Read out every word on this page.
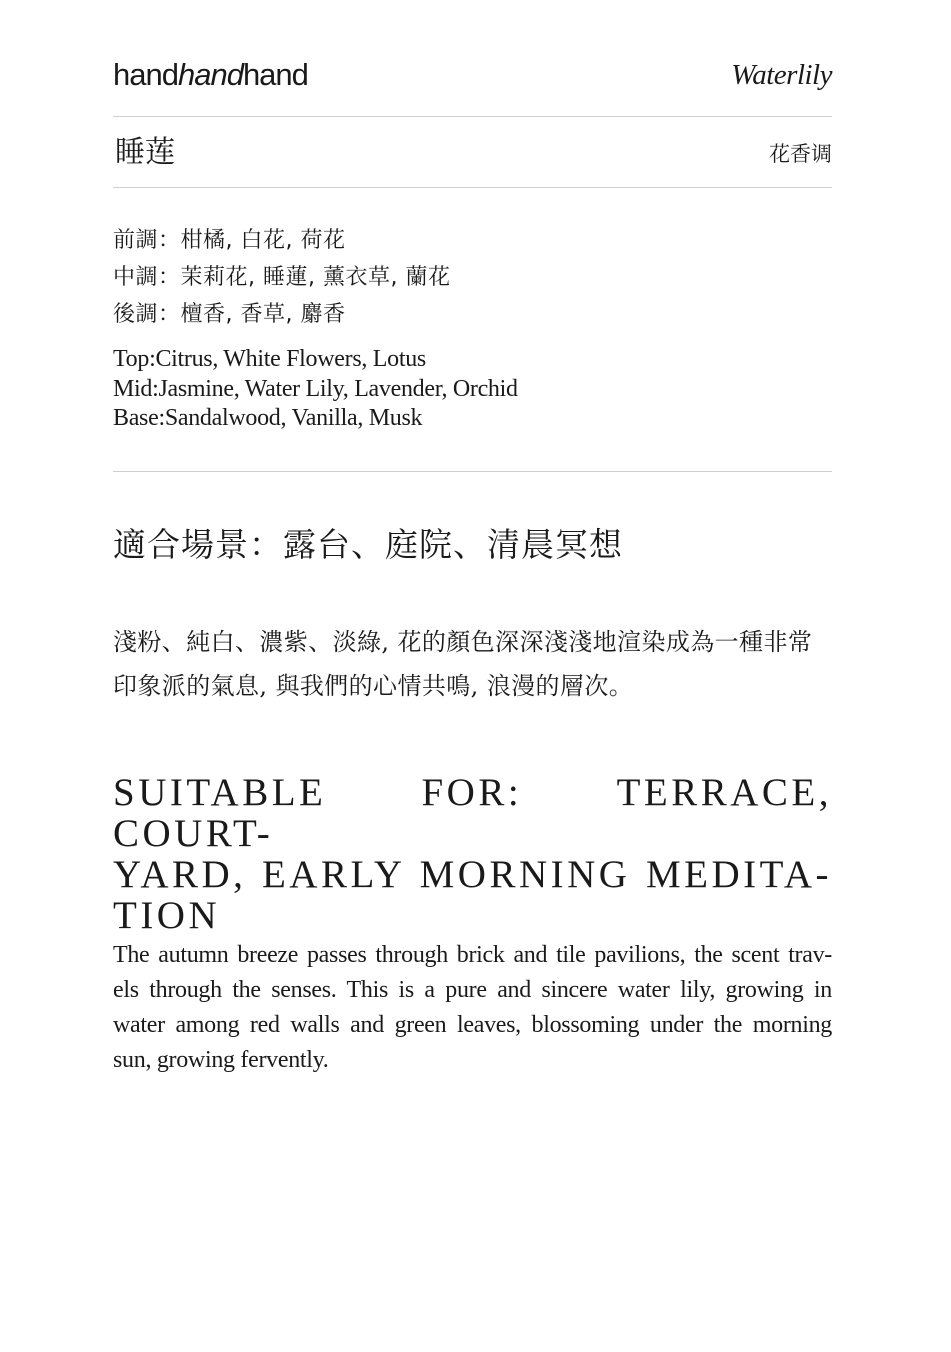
handhandhand	Waterlily
睡莲	花香调
前調：柑橘, 白花, 荷花
中調：茉莉花, 睡蓮, 薰衣草, 蘭花
後調：檀香, 香草, 麝香
Top:Citrus, White Flowers, Lotus
Mid:Jasmine, Water Lily, Lavender, Orchid
Base:Sandalwood, Vanilla, Musk
適合場景：露台、庭院、清晨冥想
淺粉、純白、濃紫、淡綠, 花的顏色深深淺淺地渲染成為一種非常
印象派的氣息, 與我們的心情共鳴, 浪漫的層次。
SUITABLE FOR: TERRACE, COURT-
YARD, EARLY MORNING MEDITA-
TION
The autumn breeze passes through brick and tile pavilions, the scent trav-
els through the senses. This is a pure and sincere water lily, growing in
water among red walls and green leaves, blossoming under the morning
sun, growing fervently.
